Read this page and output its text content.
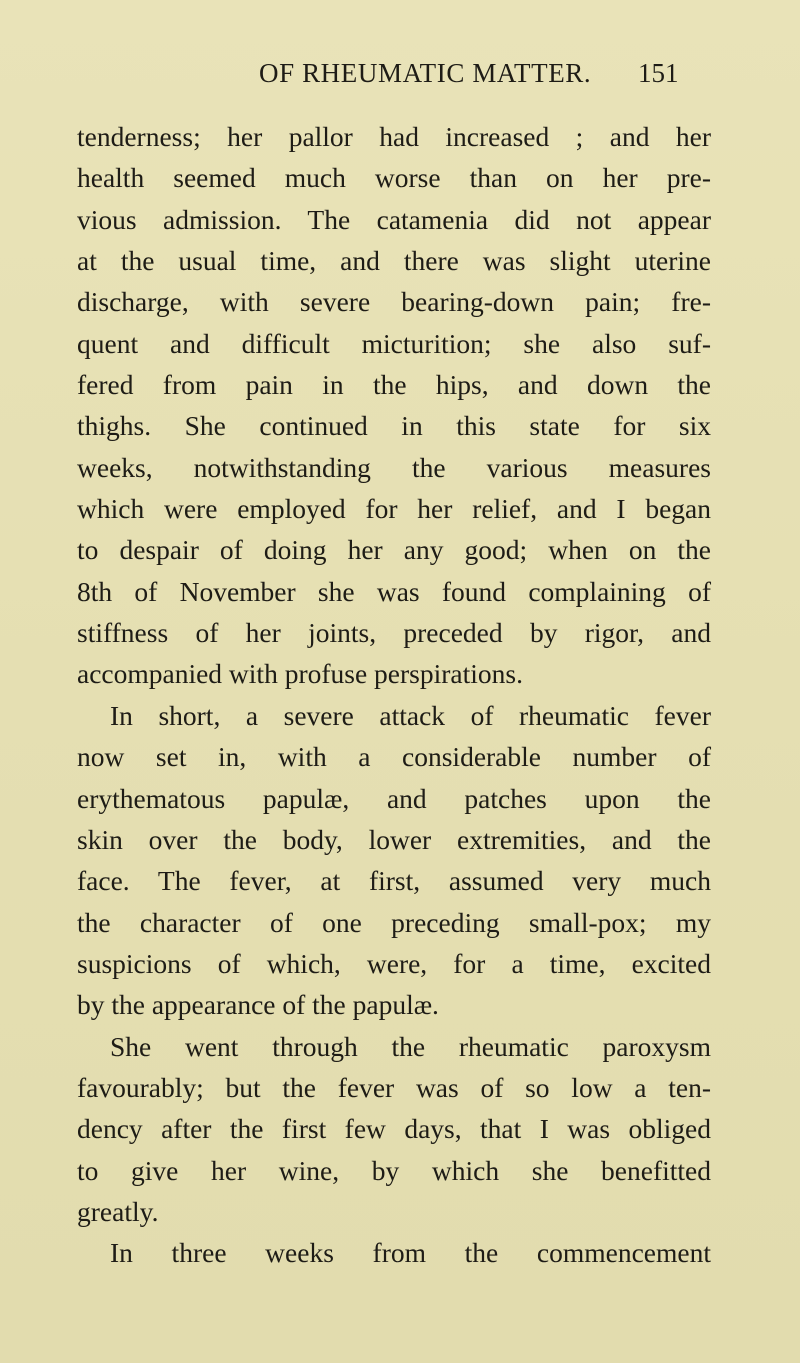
OF RHEUMATIC MATTER. 151
tenderness; her pallor had increased ; and her
health seemed much worse than on her pre-
vious admission. The catamenia did not appear
at the usual time, and there was slight uterine
discharge, with severe bearing-down pain; fre-
quent and difficult micturition; she also suf-
fered from pain in the hips, and down the
thighs. She continued in this state for six
weeks, notwithstanding the various measures
which were employed for her relief, and I began
to despair of doing her any good; when on the
8th of November she was found complaining of
stiffness of her joints, preceded by rigor, and
accompanied with profuse perspirations.
In short, a severe attack of rheumatic fever
now set in, with a considerable number of
erythematous papulæ, and patches upon the
skin over the body, lower extremities, and the
face. The fever, at first, assumed very much
the character of one preceding small-pox; my
suspicions of which, were, for a time, excited
by the appearance of the papulæ.
She went through the rheumatic paroxysm
favourably; but the fever was of so low a ten-
dency after the first few days, that I was obliged
to give her wine, by which she benefitted
greatly.
In three weeks from the commencement
